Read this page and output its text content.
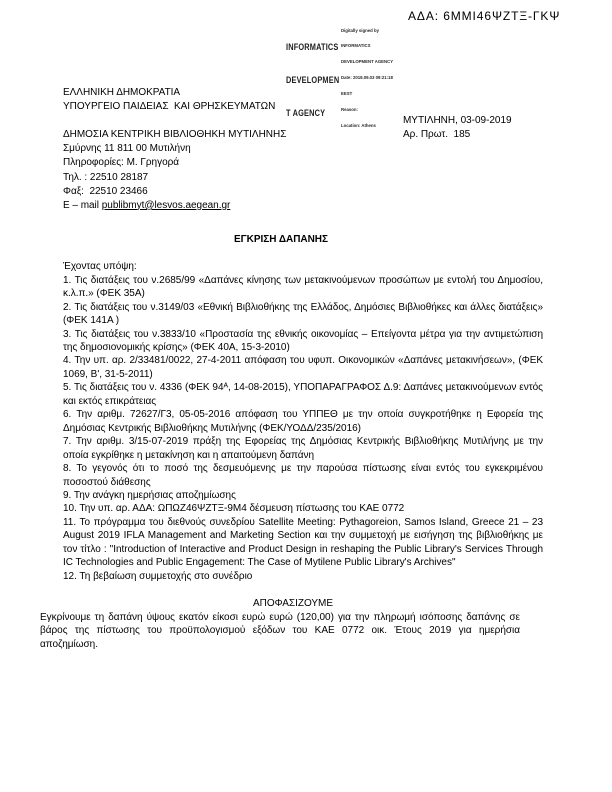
ΑΔΑ: 6ΜΜΙ46ΨΖΤΞ-ΓΚΨ

INFORMATICS

DEVELOPMEN

T AGENCY

Digitally signed by

INFORMATICS

DEVELOPMENT AGENCY

Date: 2019.09.03 09:21:18

EEST

Reason:

Location: Athens

ΕΛΛΗΝΙΚΗ ΔΗΜΟΚΡΑΤΙΑ
ΥΠΟΥΡΓΕΙΟ ΠΑΙΔΕΙΑΣ  ΚΑΙ ΘΡΗΣΚΕΥΜΑΤΩΝ
ΔΗΜΟΣΙΑ ΚΕΝΤΡΙΚΗ ΒΙΒΛΙΟΘΗΚΗ ΜΥΤΙΛΗΝΗΣ
Σμύρνης 11 811 00 Μυτιλήνη
Πληροφορίες: Μ. Γρηγορά
Τηλ. : 22510 28187
Φαξ:  22510 23466
E – mail publibmyt@lesvos.aegean.gr
ΜΥΤΙΛΗΝΗ, 03-09-2019
Αρ. Πρωτ.  185
ΕΓΚΡΙΣΗ ΔΑΠΑΝΗΣ
Έχοντας υπόψη:

1. Τις διατάξεις του ν.2685/99 «Δαπάνες κίνησης των μετακινούμενων προσώπων με εντολή του Δημοσίου, κ.λ.π.» (ΦΕΚ 35Α)

2. Τις διατάξεις του ν.3149/03 «Εθνική Βιβλιοθήκης της Ελλάδος, Δημόσιες Βιβλιοθήκες και άλλες διατάξεις» (ΦΕΚ 141Α )

3. Τις διατάξεις του ν.3833/10 «Προστασία της εθνικής οικονομίας – Επείγοντα μέτρα για την αντιμετώπιση της δημοσιονομικής κρίσης» (ΦΕΚ 40Α, 15-3-2010)

4. Την υπ. αρ. 2/33481/0022, 27-4-2011 απόφαση του υφυπ. Οικονομικών «Δαπάνες μετακινήσεων», (ΦΕΚ 1069, Β', 31-5-2011)

5. Τις διατάξεις του ν. 4336 (ΦΕΚ 94ᴬ, 14-08-2015), ΥΠΟΠΑΡΑΓΡΑΦΟΣ Δ.9: Δαπάνες μετακινούμενων εντός και εκτός επικράτειας

6. Την αριθμ. 72627/Γ3, 05-05-2016 απόφαση του ΥΠΠΕΘ με την οποία συγκροτήθηκε η Εφορεία της Δημόσιας Κεντρικής Βιβλιοθήκης Μυτιλήνης (ΦΕΚ/ΥΟΔΔ/235/2016)

7. Την αριθμ. 3/15-07-2019 πράξη της Εφορείας της Δημόσιας Κεντρικής Βιβλιοθήκης Μυτιλήνης με την οποία εγκρίθηκε η μετακίνηση και η απαιτούμενη δαπάνη

8. Το γεγονός ότι το ποσό της δεσμευόμενης με την παρούσα πίστωσης είναι εντός του εγκεκριμένου ποσοστού διάθεσης

9. Την ανάγκη ημερήσιας αποζημίωσης

10. Την υπ. αρ. ΑΔΑ: ΩΠΩΖ46ΨΖΤΞ-9Μ4 δέσμευση πίστωσης του ΚΑΕ 0772

11. Το πρόγραμμα του διεθνούς συνεδρίου Satellite Meeting: Pythagoreion, Samos Island, Greece 21 – 23 August 2019 IFLA Management and Marketing Section και την συμμετοχή με εισήγηση της βιβλιοθήκης με τον τίτλο : "Introduction of Interactive and Product Design in reshaping the Public Library's Services Through IC Technologies and Public Engagement: The Case of Mytilene Public Library's Archives"

12. Τη βεβαίωση συμμετοχής στο συνέδριο

ΑΠΟΦΑΣΙΖΟΥΜΕ

Εγκρίνουμε τη δαπάνη ύψους εκατόν είκοσι ευρώ ευρώ (120,00) για την πληρωμή ισόποσης δαπάνης σε βάρος της πίστωσης του προϋπολογισμού εξόδων του ΚΑΕ 0772 οικ. Έτους 2019 για ημερήσια αποζημίωση.
